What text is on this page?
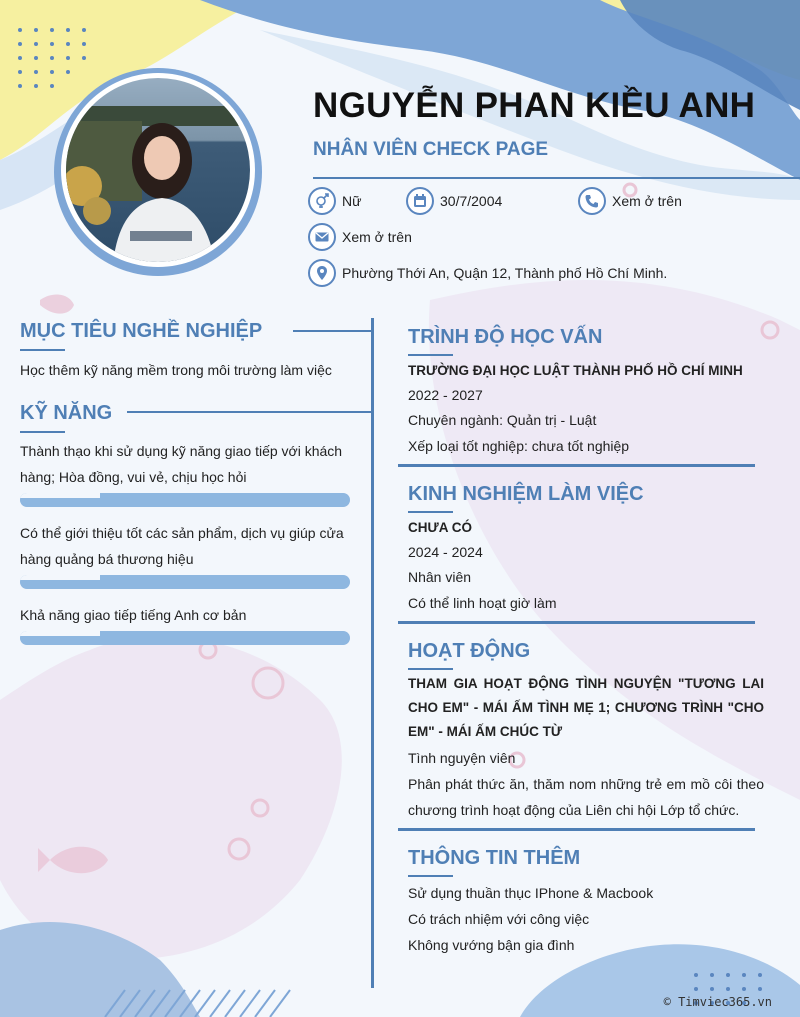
NGUYỄN PHAN KIỀU ANH
NHÂN VIÊN CHECK PAGE
Nữ	30/7/2004	Xem ở trên
Xem ở trên
Phường Thới An, Quận 12, Thành phố Hồ Chí Minh.
MỤC TIÊU NGHỀ NGHIỆP
Học thêm kỹ năng mềm trong môi trường làm việc
KỸ NĂNG
Thành thạo khi sử dụng kỹ năng giao tiếp với khách hàng; Hòa đồng, vui vẻ, chịu học hỏi
Có thể giới thiệu tốt các sản phẩm, dịch vụ giúp cửa hàng quảng bá thương hiệu
Khả năng giao tiếp tiếng Anh cơ bản
TRÌNH ĐỘ HỌC VẤN
TRƯỜNG ĐẠI HỌC LUẬT THÀNH PHỐ HỒ CHÍ MINH
2022 - 2027
Chuyên ngành: Quản trị - Luật
Xếp loại tốt nghiệp: chưa tốt nghiệp
KINH NGHIỆM LÀM VIỆC
CHƯA CÓ
2024 - 2024
Nhân viên
Có thể linh hoạt giờ làm
HOẠT ĐỘNG
THAM GIA HOẠT ĐỘNG TÌNH NGUYỆN "TƯƠNG LAI CHO EM" - MÁI ẤM TÌNH MẸ 1; CHƯƠNG TRÌNH "CHO EM" - MÁI ẤM CHÚC TỪ
Tình nguyện viên
Phân phát thức ăn, thăm nom những trẻ em mồ côi theo chương trình hoạt động của Liên chi hội Lớp tổ chức.
THÔNG TIN THÊM
Sử dụng thuần thục IPhone & Macbook
Có trách nhiệm với công việc
Không vướng bận gia đình
© Timviec365.vn
